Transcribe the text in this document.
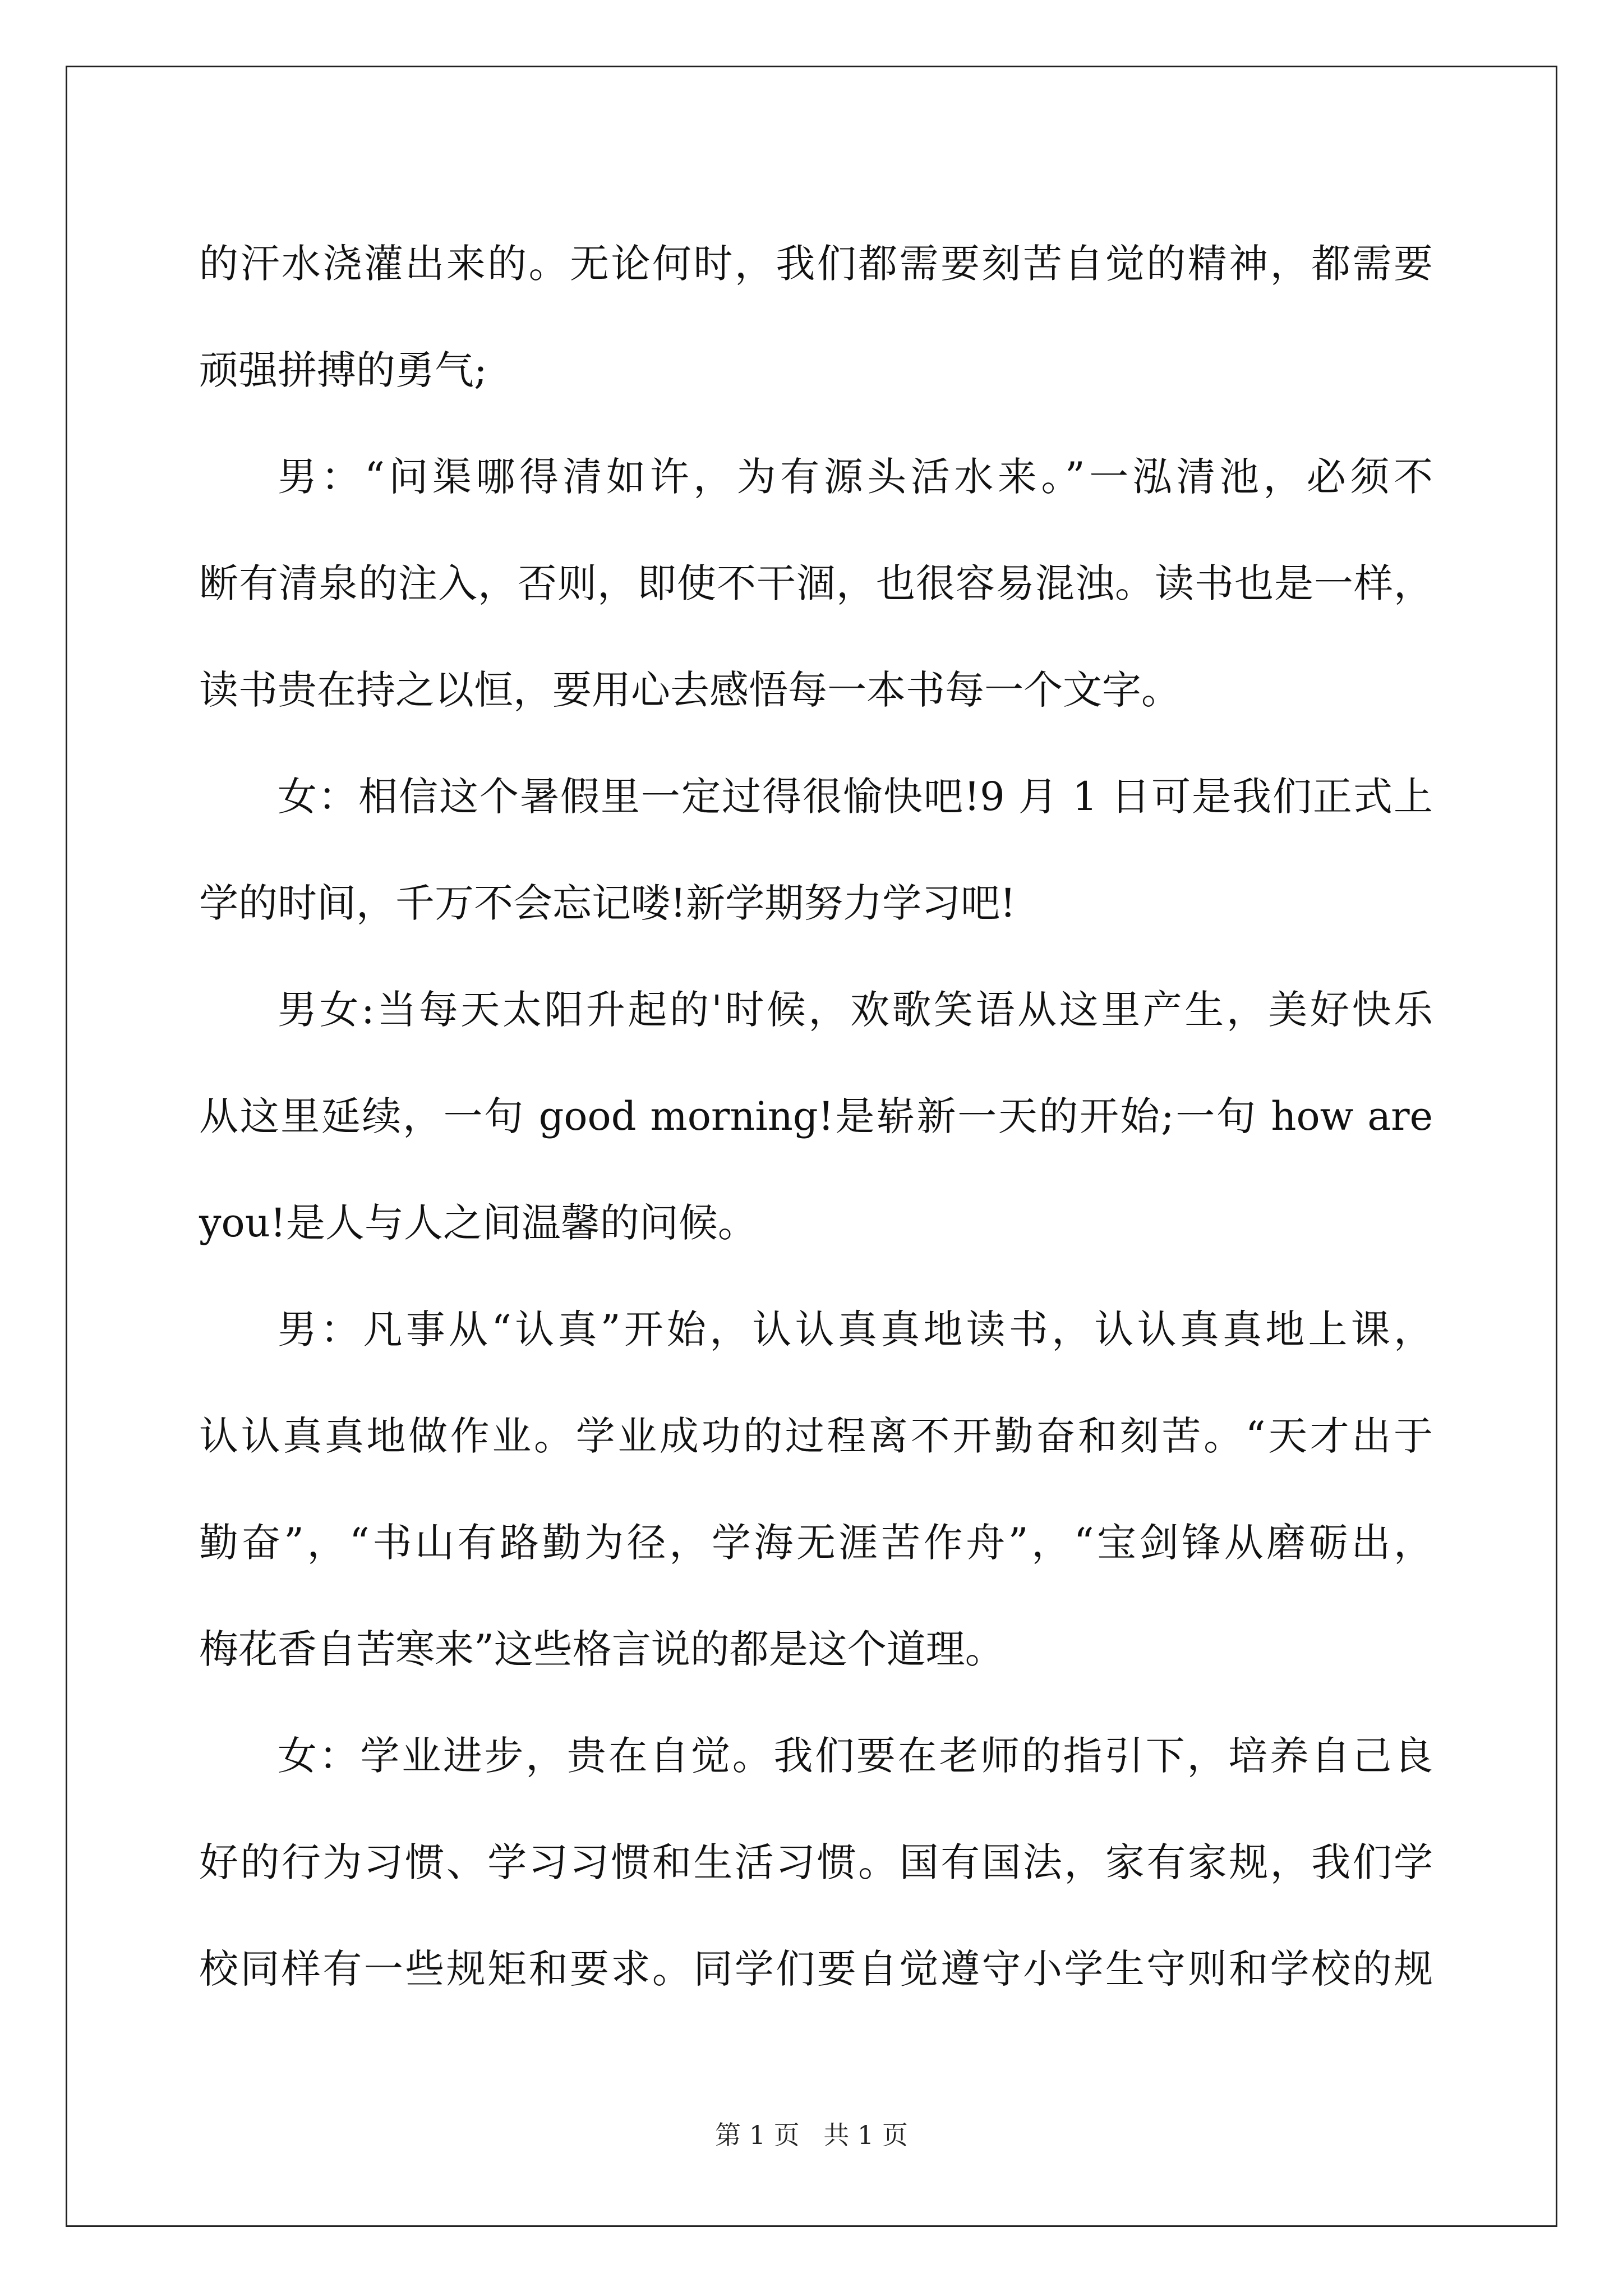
的汗水浇灌出来的。无论何时，我们都需要刻苦自觉的精神，都需要
顽强拼搏的勇气;
男：“问渠哪得清如许，为有源头活水来。”一泓清池，必须不
断有清泉的注入，否则，即使不干涸，也很容易混浊。读书也是一样，
读书贵在持之以恒，要用心去感悟每一本书每一个文字。
女：相信这个暑假里一定过得很愉快吧!9 月 1 日可是我们正式上
学的时间，千万不会忘记喽!新学期努力学习吧!
男女:当每天太阳升起的'时候，欢歌笑语从这里产生，美好快乐
从这里延续，一句 good morning!是崭新一天的开始;一句 how are
you!是人与人之间温馨的问候。
男：凡事从“认真”开始，认认真真地读书，认认真真地上课，
认认真真地做作业。学业成功的过程离不开勤奋和刻苦。“天才出于
勤奋”，“书山有路勤为径，学海无涯苦作舟”，“宝剑锋从磨砺出，
梅花香自苦寒来”这些格言说的都是这个道理。
女：学业进步，贵在自觉。我们要在老师的指引下，培养自己良
好的行为习惯、学习习惯和生活习惯。国有国法，家有家规，我们学
校同样有一些规矩和要求。同学们要自觉遵守小学生守则和学校的规
第 1 页 共 1 页
